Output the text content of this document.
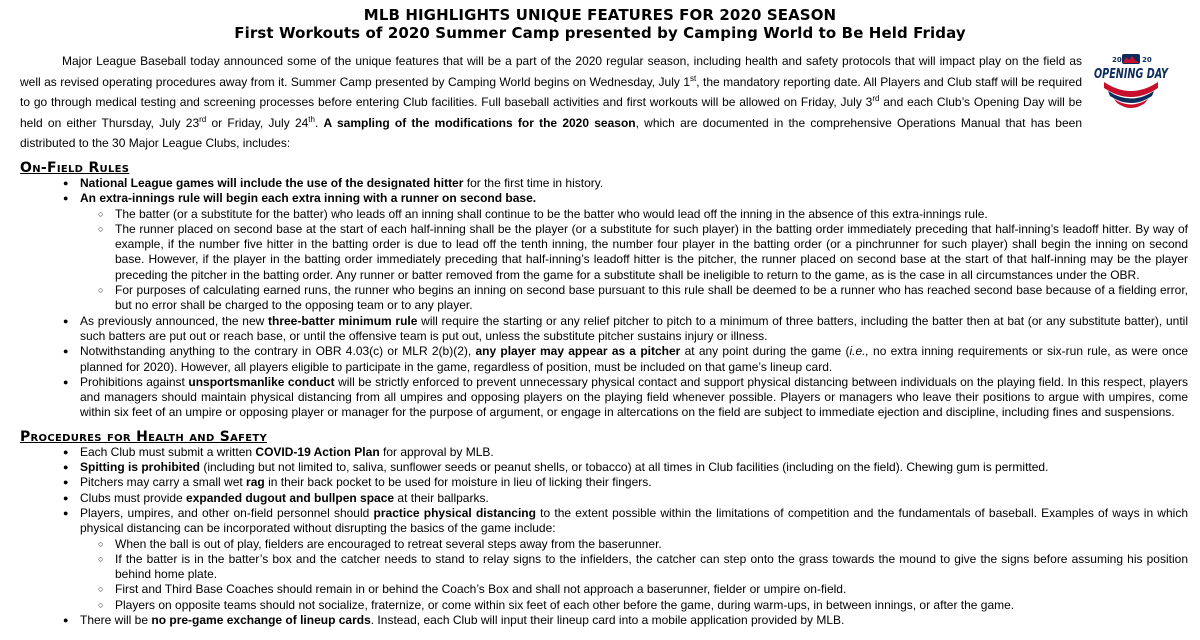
MLB HIGHLIGHTS UNIQUE FEATURES FOR 2020 SEASON
First Workouts of 2020 Summer Camp presented by Camping World to Be Held Friday
20	20
OPENING DAY
Major League Baseball today announced some of the unique features that will be a part of the 2020 regular season, including health and safety protocols that will impact play on the field as well as revised operating procedures away from it. Summer Camp presented by Camping World begins on Wednesday, July 1st, the mandatory reporting date. All Players and Club staff will be required to go through medical testing and screening processes before entering Club facilities. Full baseball activities and first workouts will be allowed on Friday, July 3rd and each Club’s Opening Day will be held on either Thursday, July 23rd or Friday, July 24th. A sampling of the modifications for the 2020 season, which are documented in the comprehensive Operations Manual that has been distributed to the 30 Major League Clubs, includes:
On-Field Rules
● National League games will include the use of the designated hitter for the first time in history.
● An extra-innings rule will begin each extra inning with a runner on second base.
○ The batter (or a substitute for the batter) who leads off an inning shall continue to be the batter who would lead off the inning in the absence of this extra-innings rule.
○ The runner placed on second base at the start of each half-inning shall be the player (or a substitute for such player) in the batting order immediately preceding that half-inning’s leadoff hitter. By way of example, if the number five hitter in the batting order is due to lead off the tenth inning, the number four player in the batting order (or a pinchrunner for such player) shall begin the inning on second base. However, if the player in the batting order immediately preceding that half-inning’s leadoff hitter is the pitcher, the runner placed on second base at the start of that half-inning may be the player preceding the pitcher in the batting order. Any runner or batter removed from the game for a substitute shall be ineligible to return to the game, as is the case in all circumstances under the OBR.
○ For purposes of calculating earned runs, the runner who begins an inning on second base pursuant to this rule shall be deemed to be a runner who has reached second base because of a fielding error, but no error shall be charged to the opposing team or to any player.
● As previously announced, the new three-batter minimum rule will require the starting or any relief pitcher to pitch to a minimum of three batters, including the batter then at bat (or any substitute batter), until such batters are put out or reach base, or until the offensive team is put out, unless the substitute pitcher sustains injury or illness.
● Notwithstanding anything to the contrary in OBR 4.03(c) or MLR 2(b)(2), any player may appear as a pitcher at any point during the game (i.e., no extra inning requirements or six-run rule, as were once planned for 2020). However, all players eligible to participate in the game, regardless of position, must be included on that game’s lineup card.
● Prohibitions against unsportsmanlike conduct will be strictly enforced to prevent unnecessary physical contact and support physical distancing between individuals on the playing field. In this respect, players and managers should maintain physical distancing from all umpires and opposing players on the playing field whenever possible. Players or managers who leave their positions to argue with umpires, come within six feet of an umpire or opposing player or manager for the purpose of argument, or engage in altercations on the field are subject to immediate ejection and discipline, including fines and suspensions.
Procedures for Health and Safety
● Each Club must submit a written COVID-19 Action Plan for approval by MLB.
● Spitting is prohibited (including but not limited to, saliva, sunflower seeds or peanut shells, or tobacco) at all times in Club facilities (including on the field). Chewing gum is permitted.
● Pitchers may carry a small wet rag in their back pocket to be used for moisture in lieu of licking their fingers.
● Clubs must provide expanded dugout and bullpen space at their ballparks.
● Players, umpires, and other on-field personnel should practice physical distancing to the extent possible within the limitations of competition and the fundamentals of baseball. Examples of ways in which physical distancing can be incorporated without disrupting the basics of the game include:
○ When the ball is out of play, fielders are encouraged to retreat several steps away from the baserunner.
○ If the batter is in the batter’s box and the catcher needs to stand to relay signs to the infielders, the catcher can step onto the grass towards the mound to give the signs before assuming his position behind home plate.
○ First and Third Base Coaches should remain in or behind the Coach’s Box and shall not approach a baserunner, fielder or umpire on-field.
○ Players on opposite teams should not socialize, fraternize, or come within six feet of each other before the game, during warm-ups, in between innings, or after the game.
● There will be no pre-game exchange of lineup cards. Instead, each Club will input their lineup card into a mobile application provided by MLB.
